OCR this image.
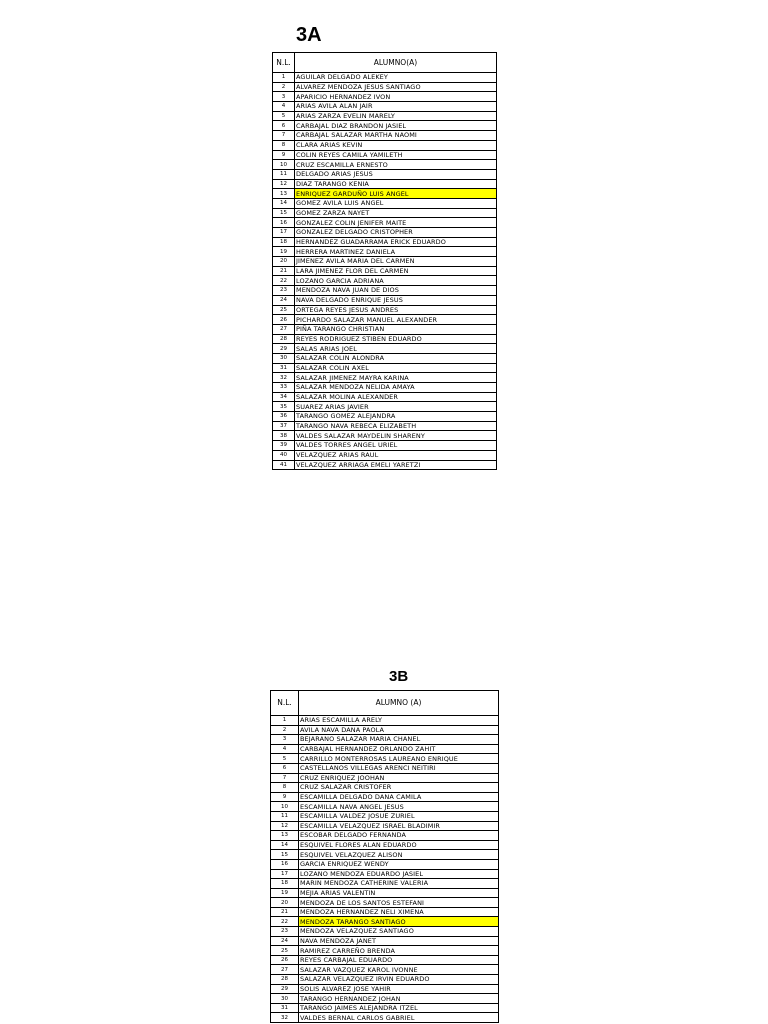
3A
N.L.	ALUMNO(A)
1	AGUILAR DELGADO ALEKEY
2	ALVAREZ MENDOZA JESUS SANTIAGO
3	APARICIO HERNANDEZ IVON
4	ARIAS AVILA ALAN JAIR
5	ARIAS ZARZA EVELIN MARELY
6	CARBAJAL DIAZ BRANDON JASIEL
7	CARBAJAL SALAZAR MARTHA NAOMI
8	CLARA ARIAS KEVIN
9	COLIN REYES CAMILA YAMILETH
10	CRUZ ESCAMILLA ERNESTO
11	DELGADO ARIAS JESUS
12	DIAZ TARANGO KENIA
13	ENRIQUEZ GARDUÑO LUIS ANGEL
14	GOMEZ AVILA LUIS ANGEL
15	GOMEZ ZARZA NAYET
16	GONZALEZ COLIN JENIFER MAITE
17	GONZALEZ DELGADO CRISTOPHER
18	HERNANDEZ GUADARRAMA ERICK EDUARDO
19	HERRERA MARTINEZ DANIELA
20	JIMENEZ AVILA MARIA DEL CARMEN
21	LARA JIMENEZ FLOR DEL CARMEN
22	LOZANO GARCIA ADRIANA
23	MENDOZA NAVA JUAN DE DIOS
24	NAVA DELGADO ENRIQUE JESUS
25	ORTEGA REYES JESUS ANDRES
26	PICHARDO SALAZAR MANUEL ALEXANDER
27	PIÑA TARANGO CHRISTIAN
28	REYES RODRIGUEZ STIBEN EDUARDO
29	SALAS ARIAS JOEL
30	SALAZAR COLIN ALONDRA
31	SALAZAR COLIN AXEL
32	SALAZAR JIMENEZ MAYRA KARINA
33	SALAZAR MENDOZA NELIDA AMAYA
34	SALAZAR MOLINA ALEXANDER
35	SUAREZ ARIAS JAVIER
36	TARANGO GOMEZ ALEJANDRA
37	TARANGO NAVA REBECA ELIZABETH
38	VALDES SALAZAR MAYDELIN SHARENY
39	VALDES TORRES ANGEL URIEL
40	VELAZQUEZ ARIAS RAUL
41	VELAZQUEZ ARRIAGA EMELI YARETZI
3B
N.L.	ALUMNO (A)
1	ARIAS ESCAMILLA ARELY
2	AVILA NAVA DANA PAOLA
3	BEJARANO SALAZAR MARIA CHANEL
4	CARBAJAL HERNANDEZ ORLANDO ZAHIT
5	CARRILLO MONTERROSAS LAUREANO ENRIQUE
6	CASTELLANOS VILLEGAS ARENCI NEITIRI
7	CRUZ ENRIQUEZ JOOHAN
8	CRUZ SALAZAR CRISTOFER
9	ESCAMILLA DELGADO DANA CAMILA
10	ESCAMILLA NAVA ANGEL JESUS
11	ESCAMILLA VALDEZ JOSUE ZURIEL
12	ESCAMILLA VELAZQUEZ ISRAEL BLADIMIR
13	ESCOBAR DELGADO FERNANDA
14	ESQUIVEL FLORES ALAN EDUARDO
15	ESQUIVEL VELAZQUEZ ALISON
16	GARCIA ENRIQUEZ WENDY
17	LOZANO MENDOZA EDUARDO JASIEL
18	MARIN MENDOZA CATHERINE VALERIA
19	MEJIA ARIAS VALENTIN
20	MENDOZA DE LOS SANTOS ESTEFANI
21	MENDOZA HERNANDEZ NELI XIMENA
22	MENDOZA TARANGO SANTIAGO
23	MENDOZA VELAZQUEZ SANTIAGO
24	NAVA MENDOZA JANET
25	RAMIREZ CARREÑO BRENDA
26	REYES CARBAJAL EDUARDO
27	SALAZAR VAZQUEZ KAROL IVONNE
28	SALAZAR VELAZQUEZ IRVIN EDUARDO
29	SOLIS ALVAREZ JOSE YAHIR
30	TARANGO HERNANDEZ JOHAN
31	TARANGO JAIMES ALEJANDRA ITZEL
32	VALDES BERNAL CARLOS GABRIEL
